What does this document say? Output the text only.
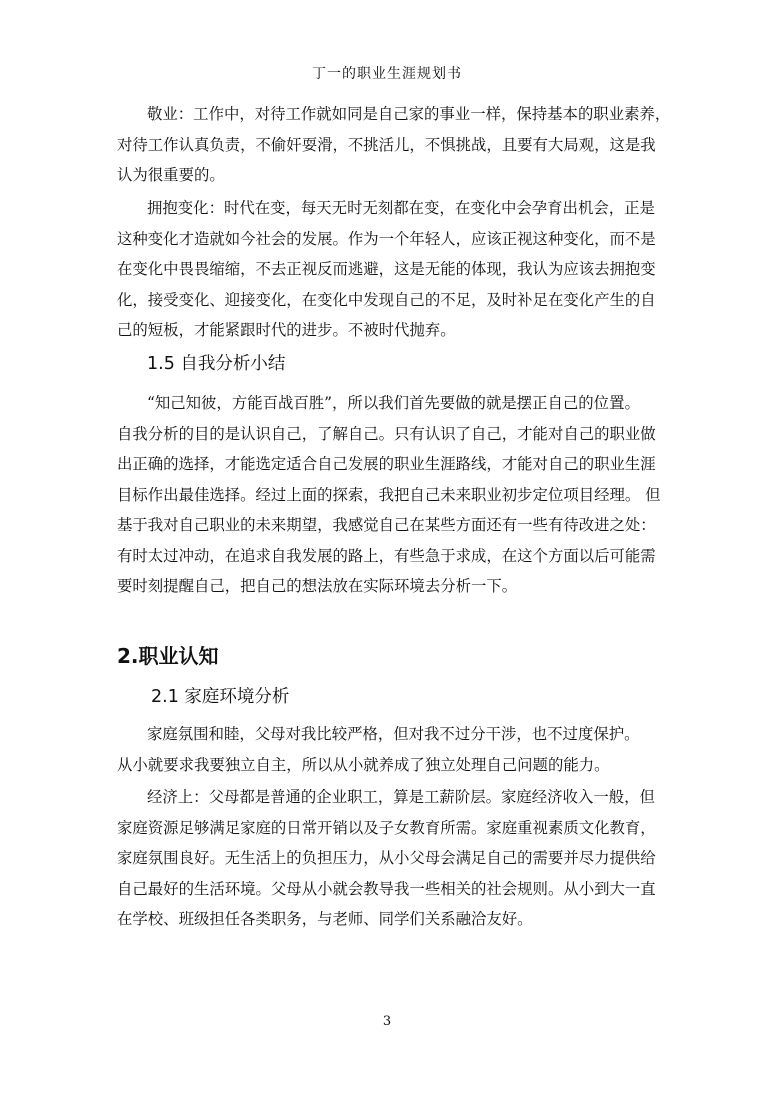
丁一的职业生涯规划书
敬业：工作中，对待工作就如同是自己家的事业一样，保持基本的职业素养，
对待工作认真负责，不偷奸耍滑，不挑活儿，不惧挑战，且要有大局观，这是我
认为很重要的。
拥抱变化：时代在变，每天无时无刻都在变，在变化中会孕育出机会，正是
这种变化才造就如今社会的发展。作为一个年轻人，应该正视这种变化，而不是
在变化中畏畏缩缩，不去正视反而逃避，这是无能的体现，我认为应该去拥抱变
化，接受变化、迎接变化，在变化中发现自己的不足，及时补足在变化产生的自
己的短板，才能紧跟时代的进步。不被时代抛弃。
1.5 自我分析小结
“知己知彼，方能百战百胜”，所以我们首先要做的就是摆正自己的位置。
自我分析的目的是认识自己，了解自己。只有认识了自己，才能对自己的职业做
出正确的选择，才能选定适合自己发展的职业生涯路线，才能对自己的职业生涯
目标作出最佳选择。经过上面的探索，我把自己未来职业初步定位项目经理。 但
基于我对自己职业的未来期望，我感觉自己在某些方面还有一些有待改进之处：
有时太过冲动，在追求自我发展的路上，有些急于求成，在这个方面以后可能需
要时刻提醒自己，把自己的想法放在实际环境去分析一下。
2.职业认知
2.1 家庭环境分析
家庭氛围和睦，父母对我比较严格，但对我不过分干涉，也不过度保护。
从小就要求我要独立自主，所以从小就养成了独立处理自己问题的能力。
经济上：父母都是普通的企业职工，算是工薪阶层。家庭经济收入一般，但
家庭资源足够满足家庭的日常开销以及子女教育所需。家庭重视素质文化教育，
家庭氛围良好。无生活上的负担压力，从小父母会满足自己的需要并尽力提供给
自己最好的生活环境。父母从小就会教导我一些相关的社会规则。从小到大一直
在学校、班级担任各类职务，与老师、同学们关系融洽友好。
3
